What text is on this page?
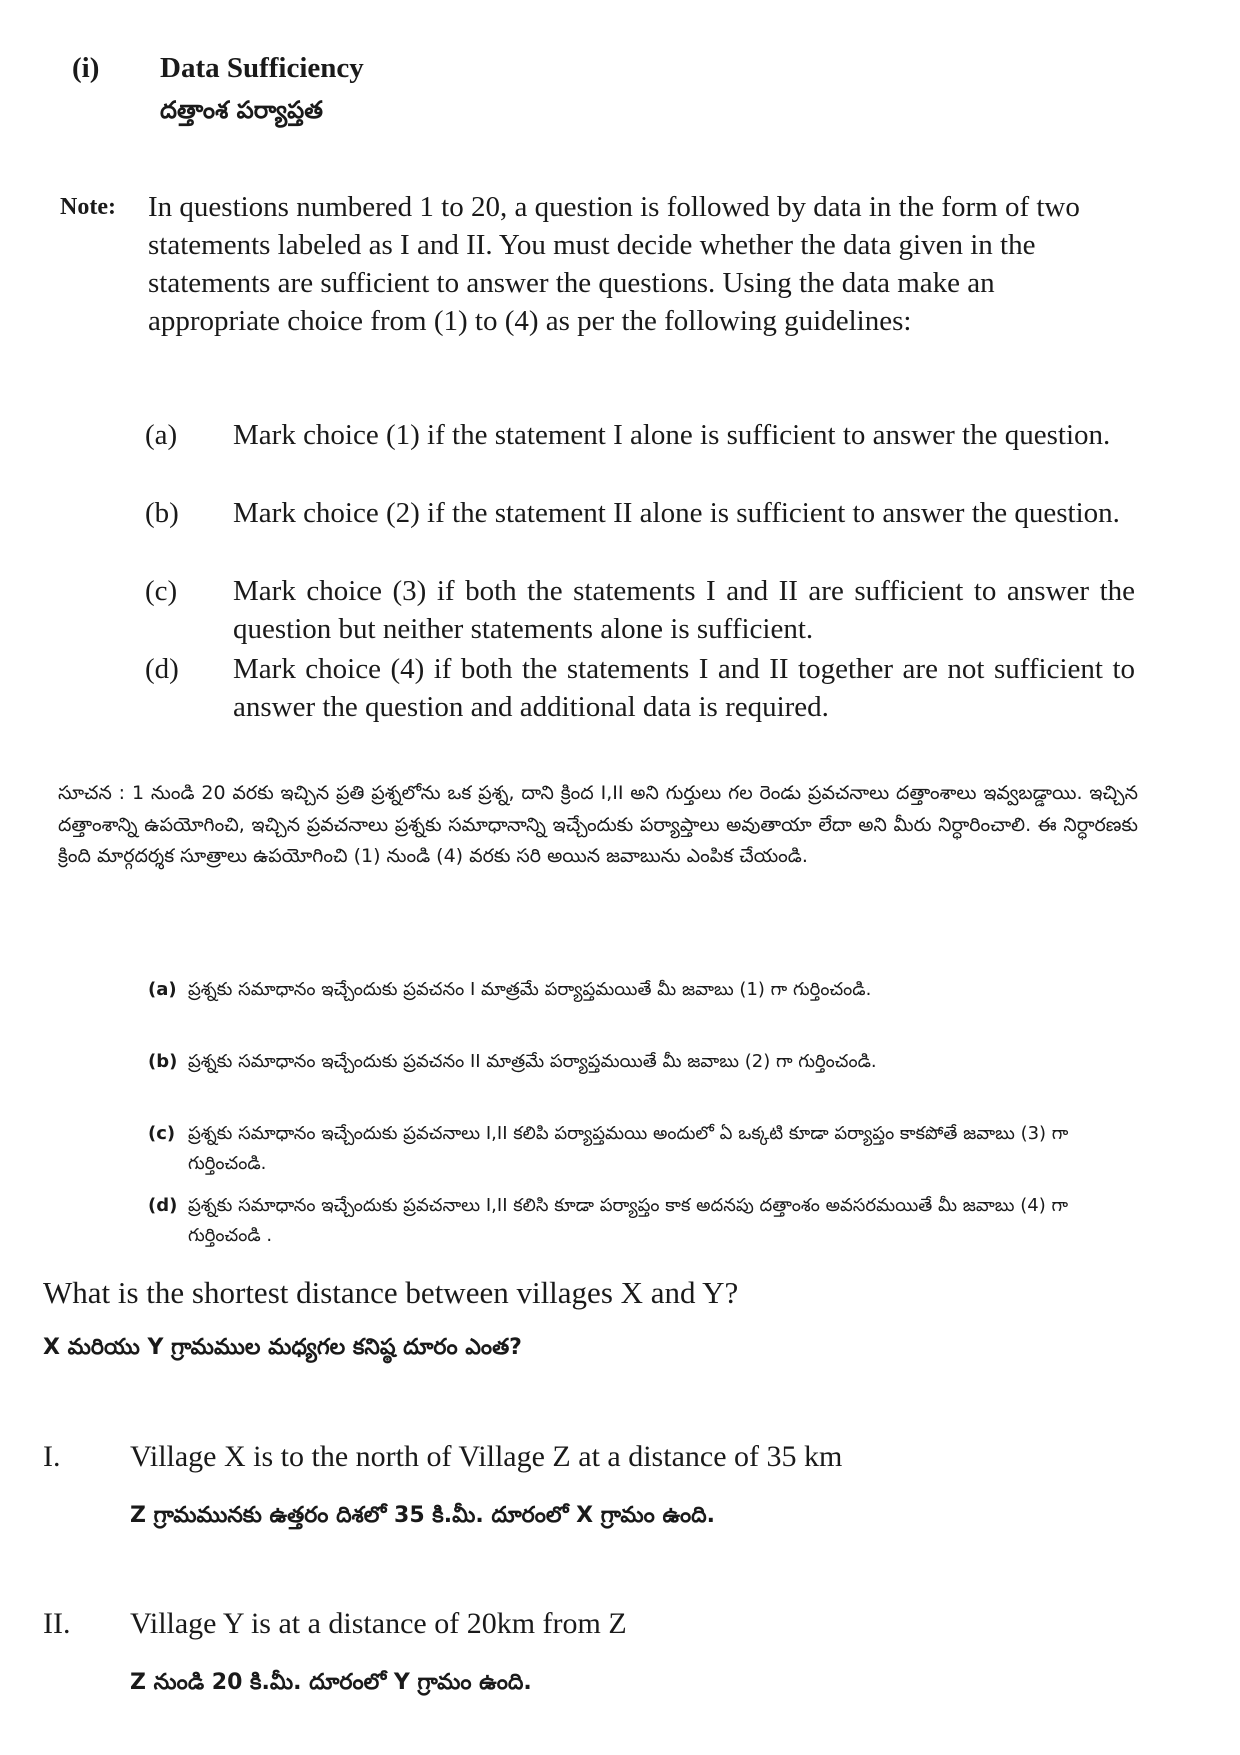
(i) Data Sufficiency
దత్తాంశ పర్యాప్తత
Note: In questions numbered 1 to 20, a question is followed by data in the form of two statements labeled as I and II. You must decide whether the data given in the statements are sufficient to answer the questions. Using the data make an appropriate choice from (1) to (4) as per the following guidelines:
(a)	Mark choice (1) if the statement I alone is sufficient to answer the question.
(b)	Mark choice (2) if the statement II alone is sufficient to answer the question.
(c)	Mark choice (3) if both the statements I and II are sufficient to answer the question but neither statements alone is sufficient.
(d)	Mark choice (4) if both the statements I and II together are not sufficient to answer the question and additional data is required.
సూచన : 1 నుండి 20 వరకు ఇచ్చిన ప్రతి ప్రశ్నలోను ఒక ప్రశ్న, దాని క్రింద I,II అని గుర్తులు గల రెండు ప్రవచనాలు దత్తాంశాలు ఇవ్వబడ్డాయి. ఇచ్చిన దత్తాంశాన్ని ఉపయోగించి, ఇచ్చిన ప్రవచనాలు ప్రశ్నకు సమాధానాన్ని ఇచ్చేందుకు పర్యాప్తాలు అవుతాయా లేదా అని మీరు నిర్ధారించాలి. ఈ నిర్ధారణకు క్రింది మార్గదర్శక సూత్రాలు ఉపయోగించి (1) నుండి (4) వరకు సరి అయిన జవాబును ఎంపిక చేయండి.
(a) ప్రశ్నకు సమాధానం ఇచ్చేందుకు ప్రవచనం I మాత్రమే పర్యాప్తమయితే మీ జవాబు (1) గా గుర్తించండి.
(b) ప్రశ్నకు సమాధానం ఇచ్చేందుకు ప్రవచనం II మాత్రమే పర్యాప్తమయితే మీ జవాబు (2) గా గుర్తించండి.
(c) ప్రశ్నకు సమాధానం ఇచ్చేందుకు ప్రవచనాలు I,II కలిపి పర్యాప్తమయి అందులో ఏ ఒక్కటి కూడా పర్యాప్తం కాకపోతే జవాబు (3) గా గుర్తించండి.
(d) ప్రశ్నకు సమాధానం ఇచ్చేందుకు ప్రవచనాలు I,II కలిసి కూడా పర్యాప్తం కాక అదనపు దత్తాంశం అవసరమయితే మీ జవాబు (4) గా గుర్తించండి .
What is the shortest distance between villages X and Y?
X మరియు Y గ్రామముల మధ్యగల కనిష్ఠ దూరం ఎంత?
I. Village X is to the north of Village Z at a distance of 35 km
Z గ్రామమునకు ఉత్తరం దిశలో 35 కి.మీ. దూరంలో X గ్రామం ఉంది.
II. Village Y is at a distance of 20km from Z
Z నుండి 20 కి.మీ. దూరంలో Y గ్రామం ఉంది.
